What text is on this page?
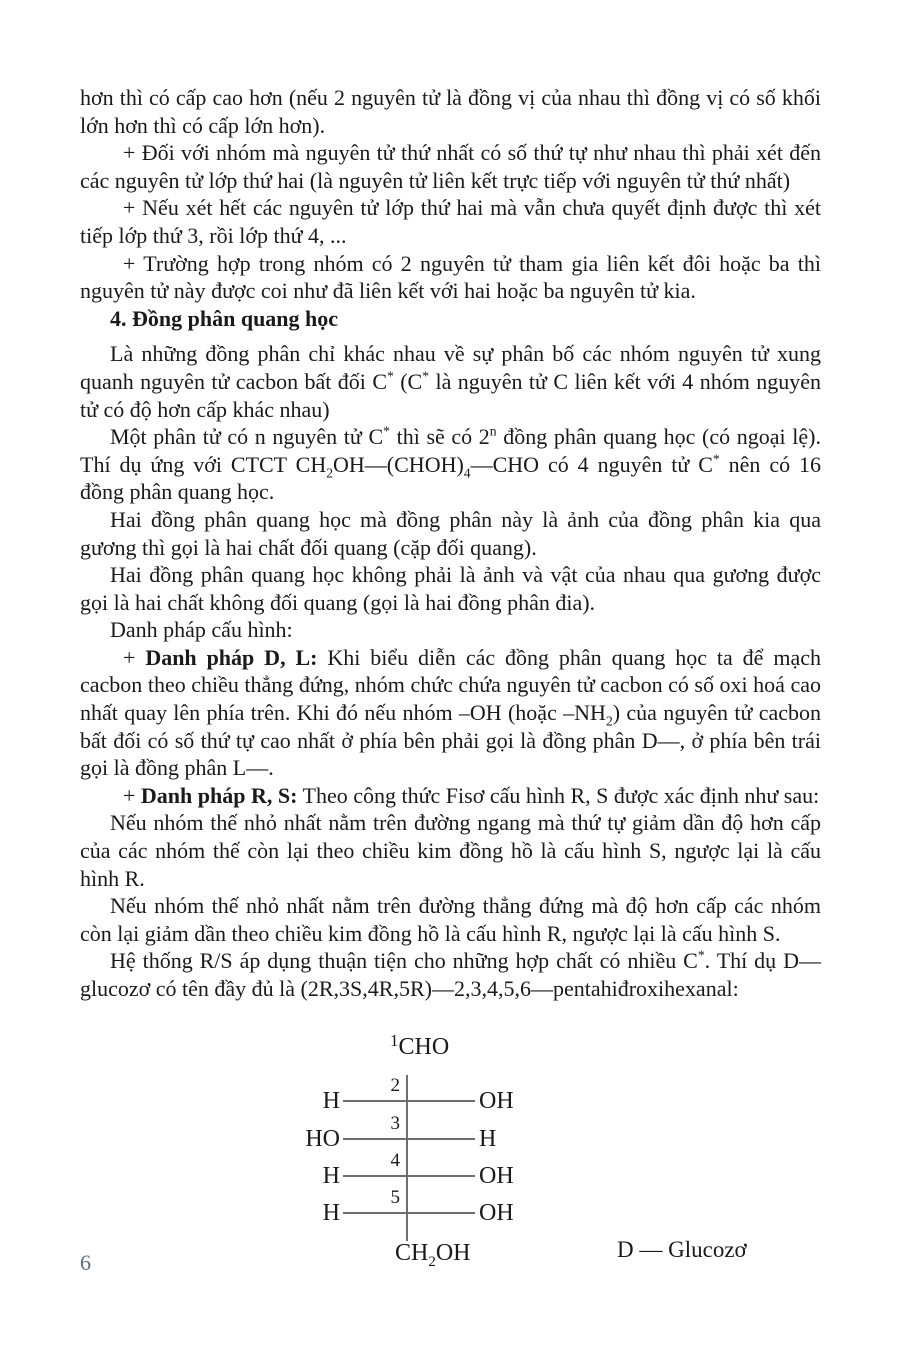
hơn thì có cấp cao hơn (nếu 2 nguyên tử là đồng vị của nhau thì đồng vị có số khối lớn hơn thì có cấp lớn hơn).

+ Đối với nhóm mà nguyên tử thứ nhất có số thứ tự như nhau thì phải xét đến các nguyên tử lớp thứ hai (là nguyên tử liên kết trực tiếp với nguyên tử thứ nhất)

+ Nếu xét hết các nguyên tử lớp thứ hai mà vẫn chưa quyết định được thì xét tiếp lớp thứ 3, rồi lớp thứ 4, ...

+ Trường hợp trong nhóm có 2 nguyên tử tham gia liên kết đôi hoặc ba thì nguyên tử này được coi như đã liên kết với hai hoặc ba nguyên tử kia.

4. Đồng phân quang học

Là những đồng phân chỉ khác nhau về sự phân bố các nhóm nguyên tử xung quanh nguyên tử cacbon bất đối C* (C* là nguyên tử C liên kết với 4 nhóm nguyên tử có độ hơn cấp khác nhau)

Một phân tử có n nguyên tử C* thì sẽ có 2$^n$ đồng phân quang học (có ngoại lệ). Thí dụ ứng với CTCT $CH_2OH—(CHOH)_4—CHO$ có 4 nguyên tử C* nên có 16 đồng phân quang học.

Hai đồng phân quang học mà đồng phân này là ảnh của đồng phân kia qua gương thì gọi là hai chất đối quang (cặp đối quang).

Hai đồng phân quang học không phải là ảnh và vật của nhau qua gương được gọi là hai chất không đối quang (gọi là hai đồng phân đia).

Danh pháp cấu hình:

+ Danh pháp D, L: Khi biểu diễn các đồng phân quang học ta để mạch cacbon theo chiều thẳng đứng, nhóm chức chứa nguyên tử cacbon có số oxi hoá cao nhất quay lên phía trên. Khi đó nếu nhóm –OH (hoặc $-NH_2$) của nguyên tử cacbon bất đối có số thứ tự cao nhất ở phía bên phải gọi là đồng phân D—, ở phía bên trái gọi là đồng phân L—.

+ Danh pháp R, S: Theo công thức Fisơ cấu hình R, S được xác định như sau:

Nếu nhóm thế nhỏ nhất nằm trên đường ngang mà thứ tự giảm dần độ hơn cấp của các nhóm thế còn lại theo chiều kim đồng hồ là cấu hình S, ngược lại là cấu hình R.

Nếu nhóm thế nhỏ nhất nằm trên đường thẳng đứng mà độ hơn cấp các nhóm còn lại giảm dần theo chiều kim đồng hồ là cấu hình R, ngược lại là cấu hình S.

Hệ thống R/S áp dụng thuận tiện cho những hợp chất có nhiều C*. Thí dụ D—glucozơ có tên đầy đủ là (2R,3S,4R,5R)—2,3,4,5,6—pentahiđroxihexanal:

$^1$CHO
H
2
OH
HO
3
H
H
4
OH
H
5
OH
$CH_2OH$	D — Glucozơ
6
